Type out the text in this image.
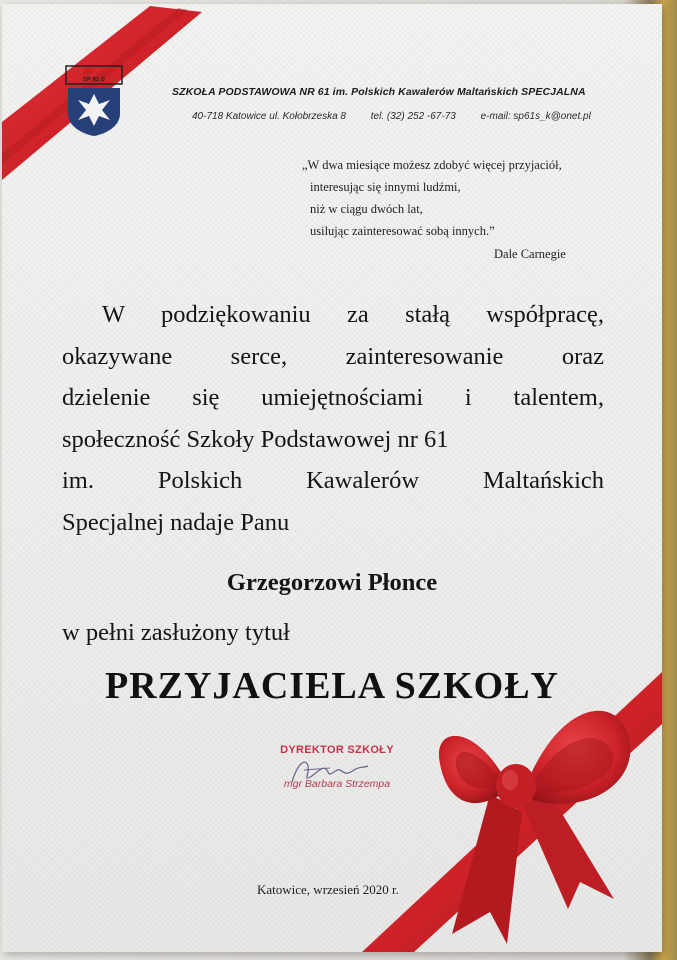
SP 61 S
SZKOŁA PODSTAWOWA NR 61 im. Polskich Kawalerów Maltańskich SPECJALNA
40-718 Katowice ul. Kołobrzeska 8 tel. (32) 252 -67-73 e-mail: sp61s_k@onet.pl
„W dwa miesiące możesz zdobyć więcej przyjaciół,
interesując się innymi ludźmi,
niż w ciągu dwóch lat,
usilując zainteresować sobą innych.”
Dale Carnegie
W podziękowaniu za stałą współpracę,
okazywane serce, zainteresowanie oraz
dzielenie się umiejętnościami i talentem,
społeczność Szkoły Podstawowej nr 61
im. Polskich Kawalerów Maltańskich
Specjalnej nadaje Panu
Grzegorzowi Płonce
w pełni zasłużony tytuł
PRZYJACIELA SZKOŁY
DYREKTOR SZKOŁY
mgr Barbara Strzempa
Katowice, wrzesień 2020 r.
